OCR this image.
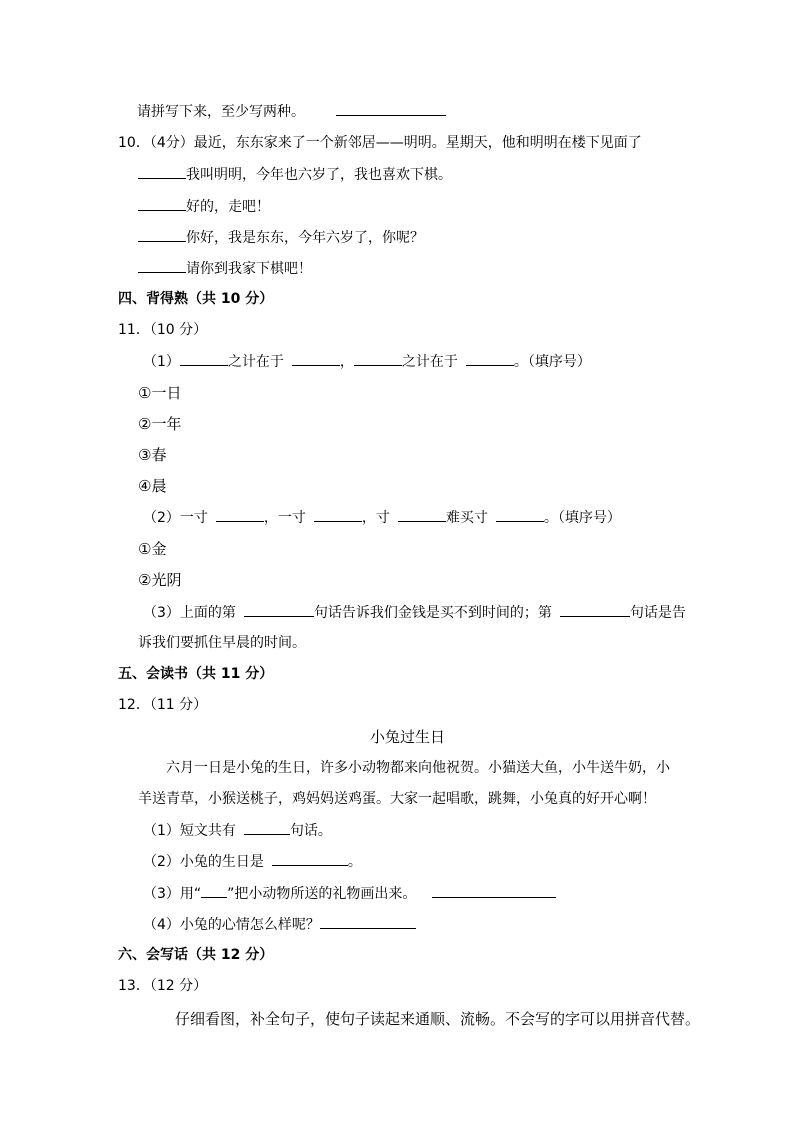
请拼写下来，至少写两种。
10．（4分）最近，东东家来了一个新邻居——明明。星期天，他和明明在楼下见面了
我叫明明，今年也六岁了，我也喜欢下棋。
好的，走吧！
你好，我是东东，今年六岁了，你呢？
请你到我家下棋吧！
四、背得熟（共 10 分）
11．（10 分）
（1）	之计在于	，	之计在于	。（填序号）
①一日
②一年
③春
④晨
（2）一寸	，一寸	，寸	难买寸	。（填序号）
①金
②光阴
（3）上面的第	句话告诉我们金钱是买不到时间的；第	句话是告
诉我们要抓住早晨的时间。
五、会读书（共 11 分）
12．（11 分）
小兔过生日
六月一日是小兔的生日，许多小动物都来向他祝贺。小猫送大鱼，小牛送牛奶，小
羊送青草，小猴送桃子，鸡妈妈送鸡蛋。大家一起唱歌，跳舞，小兔真的好开心啊！
（1）短文共有	句话。
（2）小兔的生日是	。
（3）用“ ”把小动物所送的礼物画出来。
（4）小兔的心情怎么样呢？
六、会写话（共 12 分）
13．（12 分）
仔细看图，补全句子，使句子读起来通顺、流畅。不会写的字可以用拼音代替。
